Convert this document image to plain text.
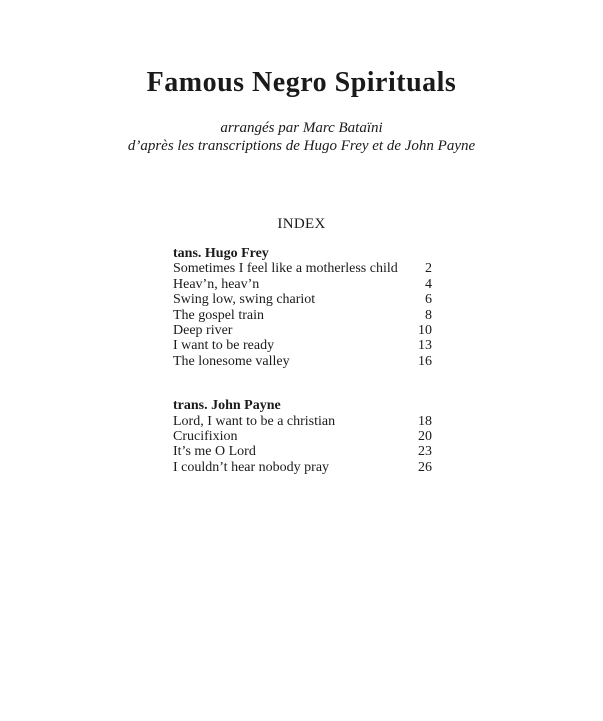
Famous Negro Spirituals
arrangés par Marc Bataïni
d’après les transcriptions de Hugo Frey et de John Payne
INDEX
tans. Hugo Frey
Sometimes I feel like a motherless child 2
Heav’n, heav’n	4
Swing low, swing chariot	6
The gospel train	8
Deep river	10
I want to be ready	13
The lonesome valley	16
trans. John Payne
Lord, I want to be a christian	18
Crucifixion	20
It’s me O Lord	23
I couldn’t hear nobody pray	26
